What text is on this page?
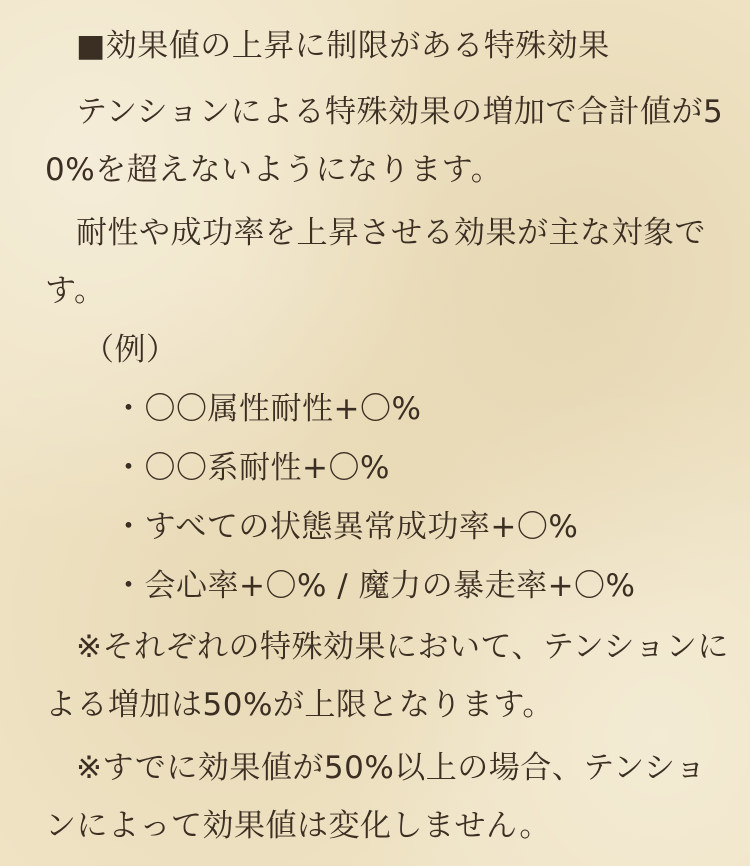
■効果値の上昇に制限がある特殊効果
テンションによる特殊効果の増加で合計値が5
0%を超えないようになります。
耐性や成功率を上昇させる効果が主な対象で
す。
（例）
・〇〇属性耐性+〇%
・〇〇系耐性+〇%
・すべての状態異常成功率+〇%
・会心率+〇% / 魔力の暴走率+〇%
※それぞれの特殊効果において、テンションに
よる増加は50%が上限となります。
※すでに効果値が50%以上の場合、テンショ
ンによって効果値は変化しません。
